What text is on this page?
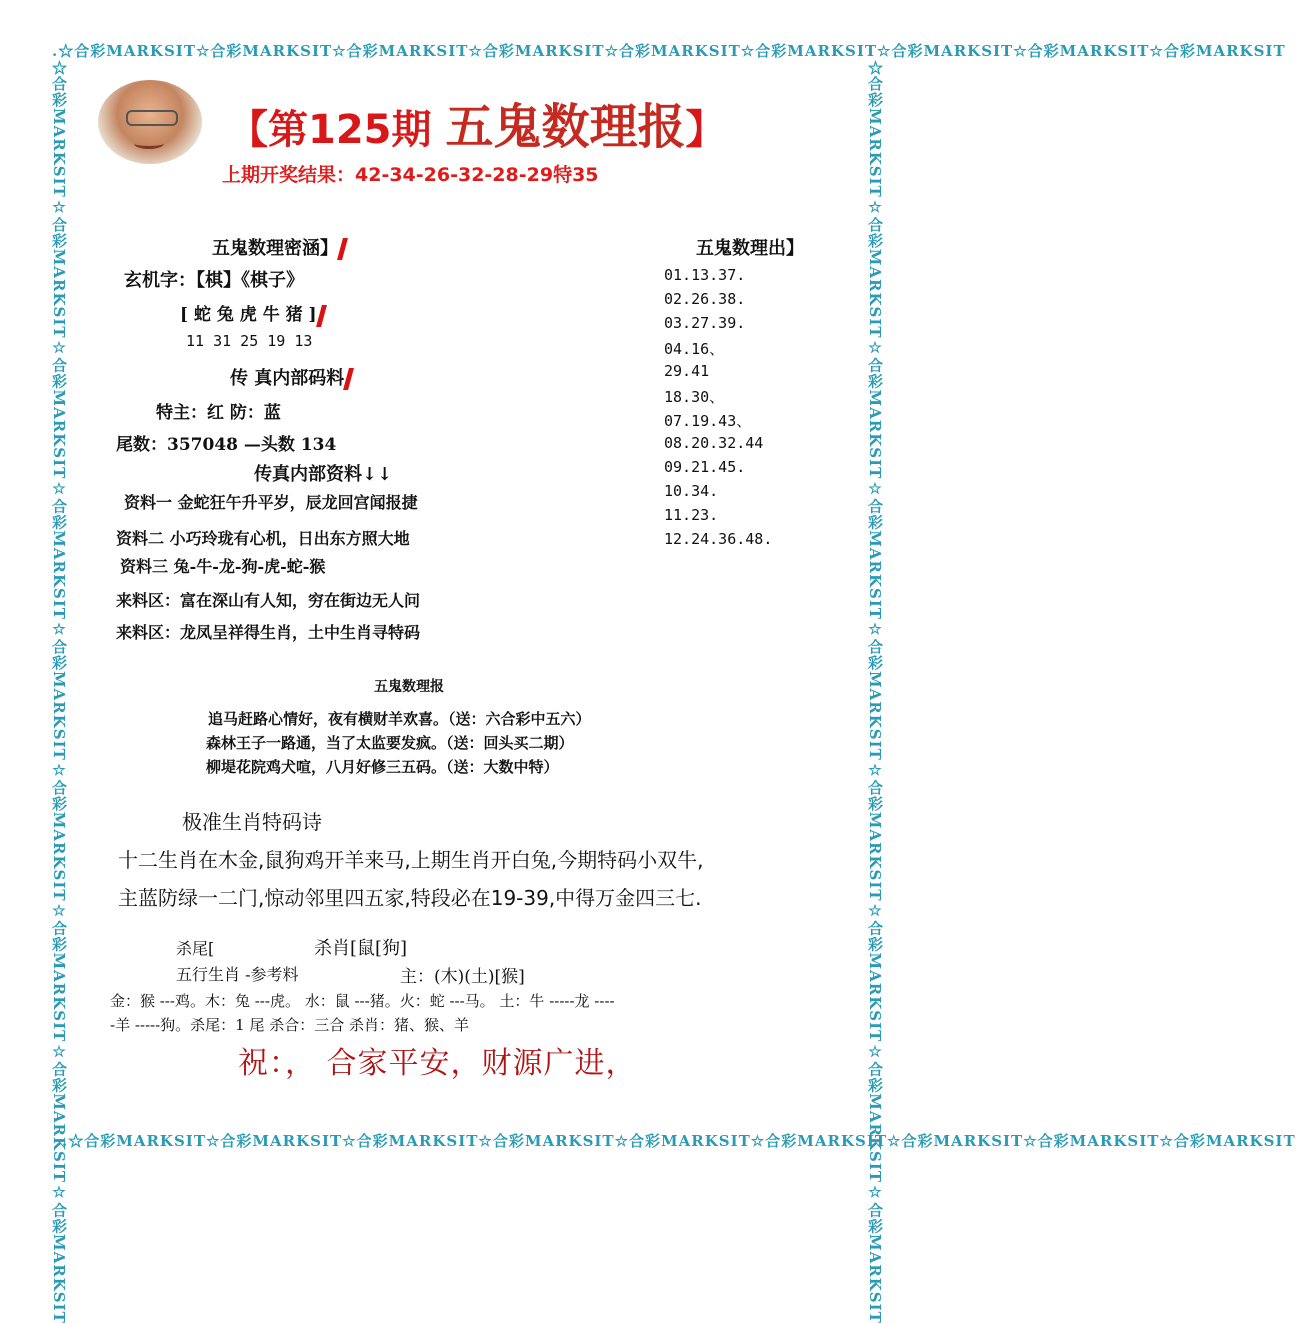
.☆合彩MARKSIT☆合彩MARKSIT☆合彩MARKSIT☆合彩MARKSIT☆合彩MARKSIT☆合彩MARKSIT☆合彩MARKSIT☆合彩MARKSIT☆合彩MARKSIT
.☆合彩MARKSIT☆合彩MARKSIT☆合彩MARKSIT☆合彩MARKSIT☆合彩MARKSIT☆合彩MARKSIT☆合彩MARKSIT☆合彩MARKSIT☆合彩MARKSIT
☆合彩MARKSIT☆合彩MARKSIT☆合彩MARKSIT☆合彩MARKSIT☆合彩MARKSIT☆合彩MARKSIT☆合彩MARKSIT☆合彩MARKSIT☆合彩MARKSIT	☆合彩MARKSIT☆合彩MARKSIT☆合彩MARKSIT☆合彩MARKSIT☆合彩MARKSIT☆合彩MARKSIT☆合彩MARKSIT☆合彩MARKSIT☆合彩MARKSIT
【第125期 五鬼数理报】
上期开奖结果：42-34-26-32-28-29特35
五鬼数理密涵】
玄机字：【棋】《棋子》
[ 蛇 兔 虎 牛 猪 ]
11 31 25 19 13
传 真内部码料
特主：红 防：蓝
尾数：357048 —头数 134
传真内部资料↓↓
资料一 金蛇狂午升平岁，辰龙回宫闻报捷
资料二 小巧玲珑有心机，日出东方照大地
资料三 兔-牛-龙-狗-虎-蛇-猴
来料区：富在深山有人知，穷在街边无人问
来料区：龙凤呈祥得生肖，土中生肖寻特码
五鬼数理出】
01.13.37.
02.26.38.
03.27.39.
04.16、
29.41
18.30、
07.19.43、
08.20.32.44
09.21.45.
10.34.
11.23.
12.24.36.48.
五鬼数理报
追马赶路心情好，夜有横财羊欢喜。（送：六合彩中五六）
森林王子一路通，当了太监要发疯。（送：回头买二期）
柳堤花院鸡犬喧，八月好修三五码。（送：大数中特）
极准生肖特码诗
十二生肖在木金,鼠狗鸡开羊来马,上期生肖开白兔,今期特码小双牛,
主蓝防绿一二门,惊动邻里四五家,特段必在19-39,中得万金四三七.
杀尾[	杀肖[鼠[狗]
五行生肖 -参考料	主：(木)(土)[猴]
金：猴 ---鸡。木：兔 ---虎。 水：鼠 ---猪。火：蛇 ---马。 土：牛 -----龙 ----
-羊 -----狗。杀尾：1 尾 杀合：三合 杀肖：猪、猴、羊
祝：， 合家平安，财源广进，
